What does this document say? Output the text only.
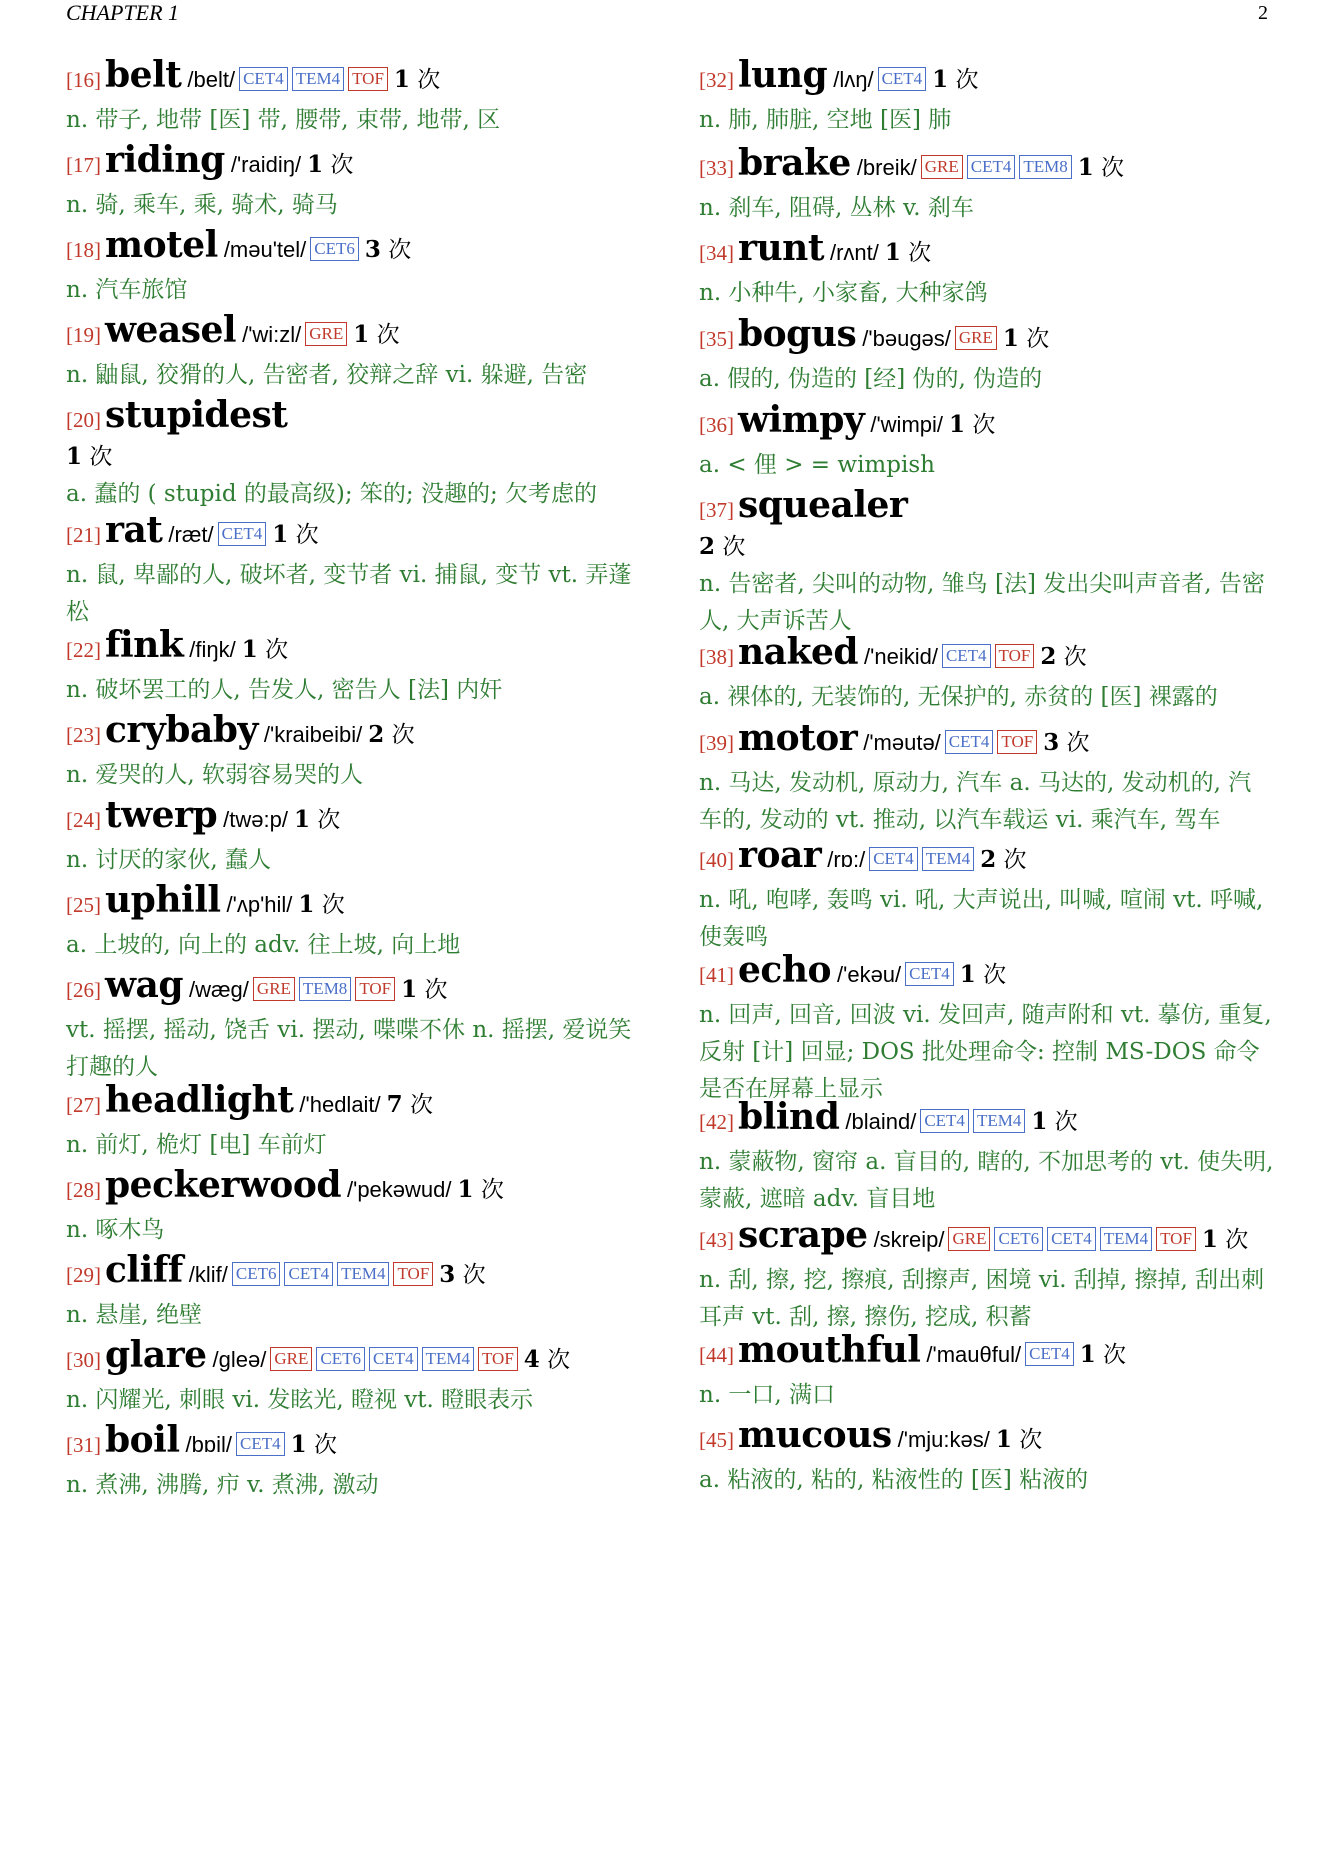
CHAPTER 1	2
[16] belt /belt/ CET4 TEM4 TOF 1 次
n. 带子, 地带 [医] 带, 腰带, 束带, 地带, 区
[17] riding /'raidiŋ/ 1 次
n. 骑, 乘车, 乘, 骑术, 骑马
[18] motel /məu'tel/ CET6 3 次
n. 汽车旅馆
[19] weasel /'wi:zl/ GRE 1 次
n. 鼬鼠, 狡猾的人, 告密者, 狡辩之辞 vi. 躲避, 告密
[20] stupidest
1 次
a. 蠢的 ( stupid 的最高级); 笨的; 没趣的; 欠考虑的
[21] rat /ræt/ CET4 1 次
n. 鼠, 卑鄙的人, 破坏者, 变节者 vi. 捕鼠, 变节 vt. 弄蓬松
[22] fink /fiŋk/ 1 次
n. 破坏罢工的人, 告发人, 密告人 [法] 内奸
[23] crybaby /'kraibeibi/ 2 次
n. 爱哭的人, 软弱容易哭的人
[24] twerp /twə:p/ 1 次
n. 讨厌的家伙, 蠢人
[25] uphill /'ʌp'hil/ 1 次
a. 上坡的, 向上的 adv. 往上坡, 向上地
[26] wag /wæg/ GRE TEM8 TOF 1 次
vt. 摇摆, 摇动, 饶舌 vi. 摆动, 喋喋不休 n. 摇摆, 爱说笑打趣的人
[27] headlight /'hedlait/ 7 次
n. 前灯, 桅灯 [电] 车前灯
[28] peckerwood /'pekəwud/ 1 次
n. 啄木鸟
[29] cliff /klif/ CET6 CET4 TEM4 TOF 3 次
n. 悬崖, 绝壁
[30] glare /gleə/ GRE CET6 CET4 TEM4 TOF 4 次
n. 闪耀光, 刺眼 vi. 发眩光, 瞪视 vt. 瞪眼表示
[31] boil /bɒil/ CET4 1 次
n. 煮沸, 沸腾, 疖 v. 煮沸, 激动
[32] lung /lʌŋ/ CET4 1 次
n. 肺, 肺脏, 空地 [医] 肺
[33] brake /breik/ GRE CET4 TEM8 1 次
n. 刹车, 阻碍, 丛林 v. 刹车
[34] runt /rʌnt/ 1 次
n. 小种牛, 小家畜, 大种家鸽
[35] bogus /'bəugəs/ GRE 1 次
a. 假的, 伪造的 [经] 伪的, 伪造的
[36] wimpy /'wimpi/ 1 次
a. < 俚 > = wimpish
[37] squealer
2 次
n. 告密者, 尖叫的动物, 雏鸟 [法] 发出尖叫声音者, 告密人, 大声诉苦人
[38] naked /'neikid/ CET4 TOF 2 次
a. 裸体的, 无装饰的, 无保护的, 赤贫的 [医] 裸露的
[39] motor /'məutə/ CET4 TOF 3 次
n. 马达, 发动机, 原动力, 汽车 a. 马达的, 发动机的, 汽车的, 发动的 vt. 推动, 以汽车载运 vi. 乘汽车, 驾车
[40] roar /rɒ:/ CET4 TEM4 2 次
n. 吼, 咆哮, 轰鸣 vi. 吼, 大声说出, 叫喊, 喧闹 vt. 呼喊, 使轰鸣
[41] echo /'ekəu/ CET4 1 次
n. 回声, 回音, 回波 vi. 发回声, 随声附和 vt. 摹仿, 重复, 反射 [计] 回显; DOS 批处理命令: 控制 MS-DOS 命令是否在屏幕上显示
[42] blind /blaind/ CET4 TEM4 1 次
n. 蒙蔽物, 窗帘 a. 盲目的, 瞎的, 不加思考的 vt. 使失明, 蒙蔽, 遮暗 adv. 盲目地
[43] scrape /skreip/ GRE CET6 CET4 TEM4 TOF 1 次
n. 刮, 擦, 挖, 擦痕, 刮擦声, 困境 vi. 刮掉, 擦掉, 刮出刺耳声 vt. 刮, 擦, 擦伤, 挖成, 积蓄
[44] mouthful /'mauθful/ CET4 1 次
n. 一口, 满口
[45] mucous /'mju:kəs/ 1 次
a. 粘液的, 粘的, 粘液性的 [医] 粘液的
